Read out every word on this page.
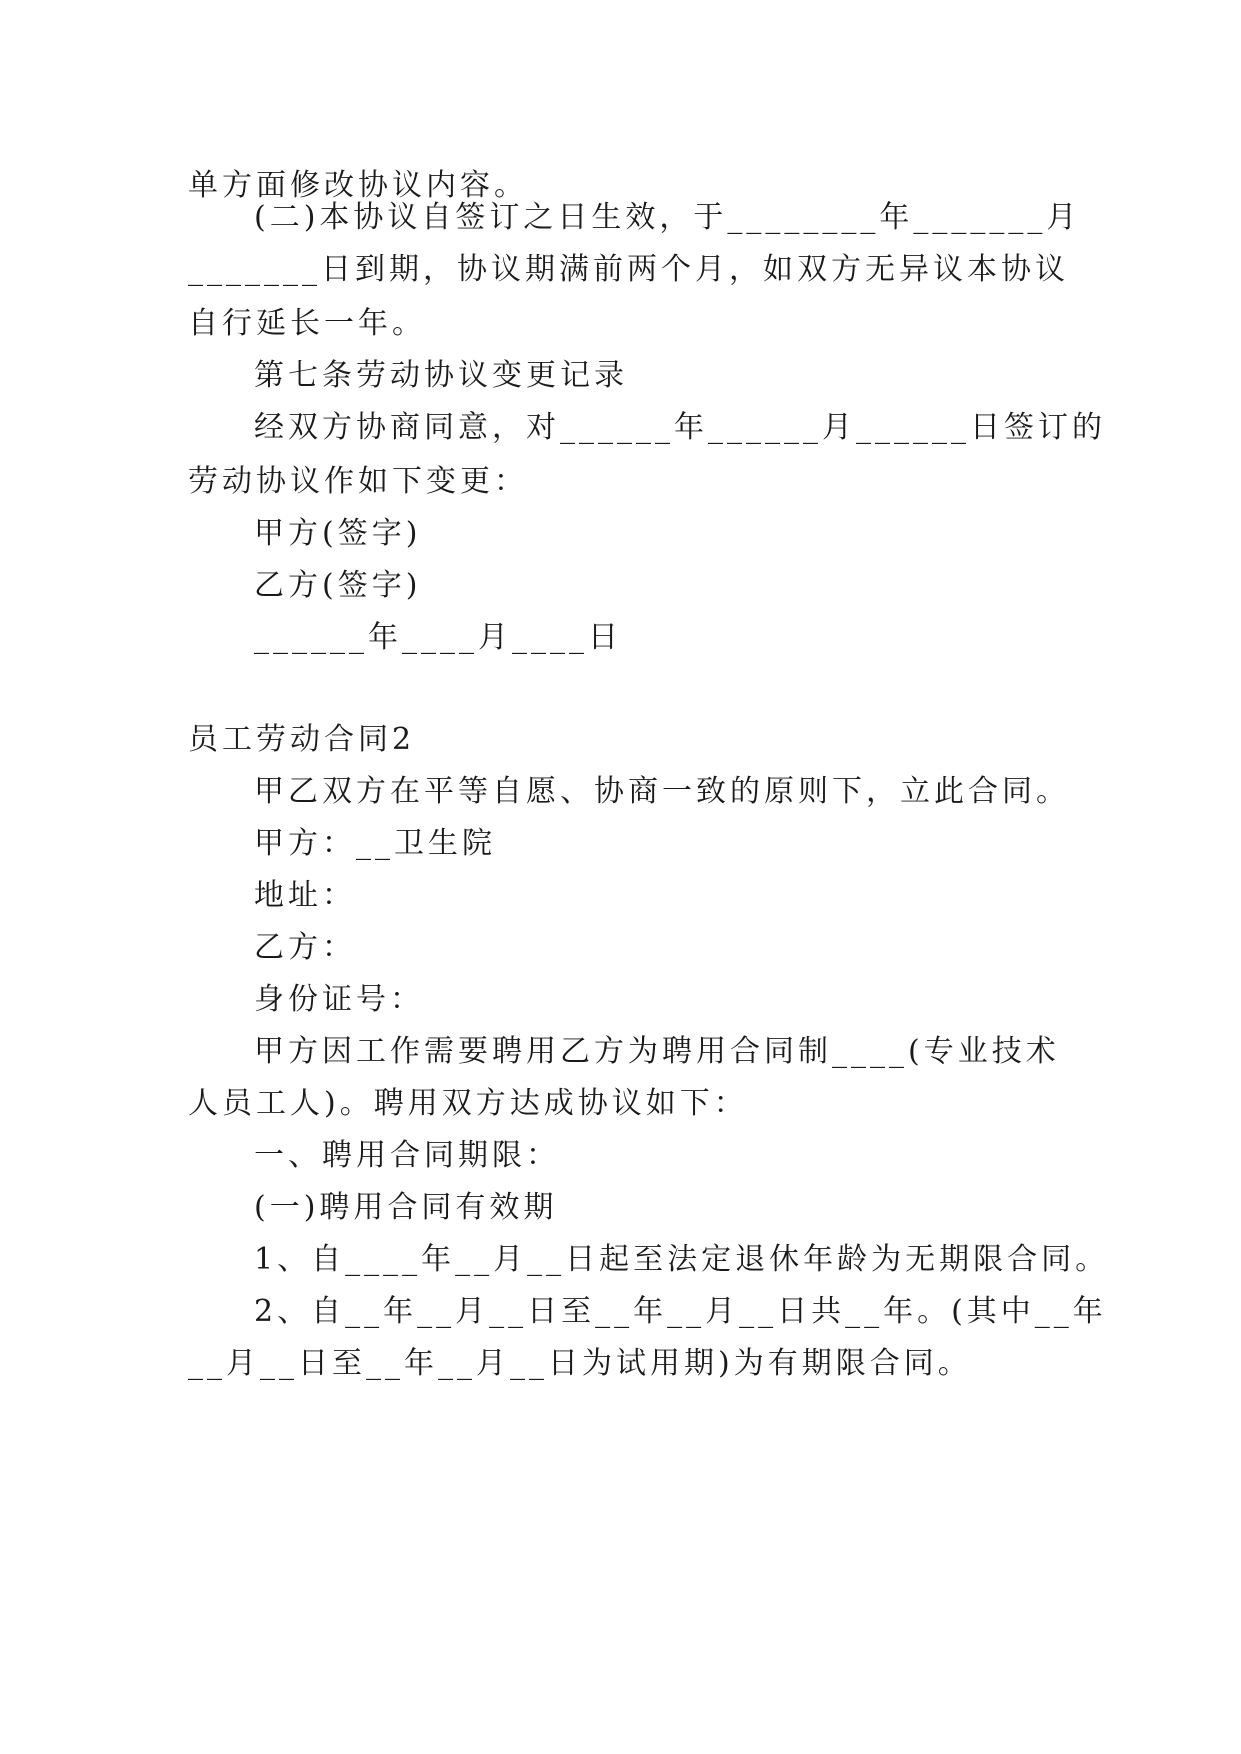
单方面修改协议内容。
(二)本协议自签订之日生效，于________年_______月
_______日到期，协议期满前两个月，如双方无异议本协议
自行延长一年。
第七条劳动协议变更记录
经双方协商同意，对______年______月______日签订的
劳动协议作如下变更：
甲方(签字)
乙方(签字)
______年____月____日
员工劳动合同2
甲乙双方在平等自愿、协商一致的原则下，立此合同。
甲方：__卫生院
地址：
乙方：
身份证号：
甲方因工作需要聘用乙方为聘用合同制____(专业技术
人员工人)。聘用双方达成协议如下：
一、聘用合同期限：
(一)聘用合同有效期
1、自____年__月__日起至法定退休年龄为无期限合同。
2、自__年__月__日至__年__月__日共__年。(其中__年
__月__日至__年__月__日为试用期)为有期限合同。
